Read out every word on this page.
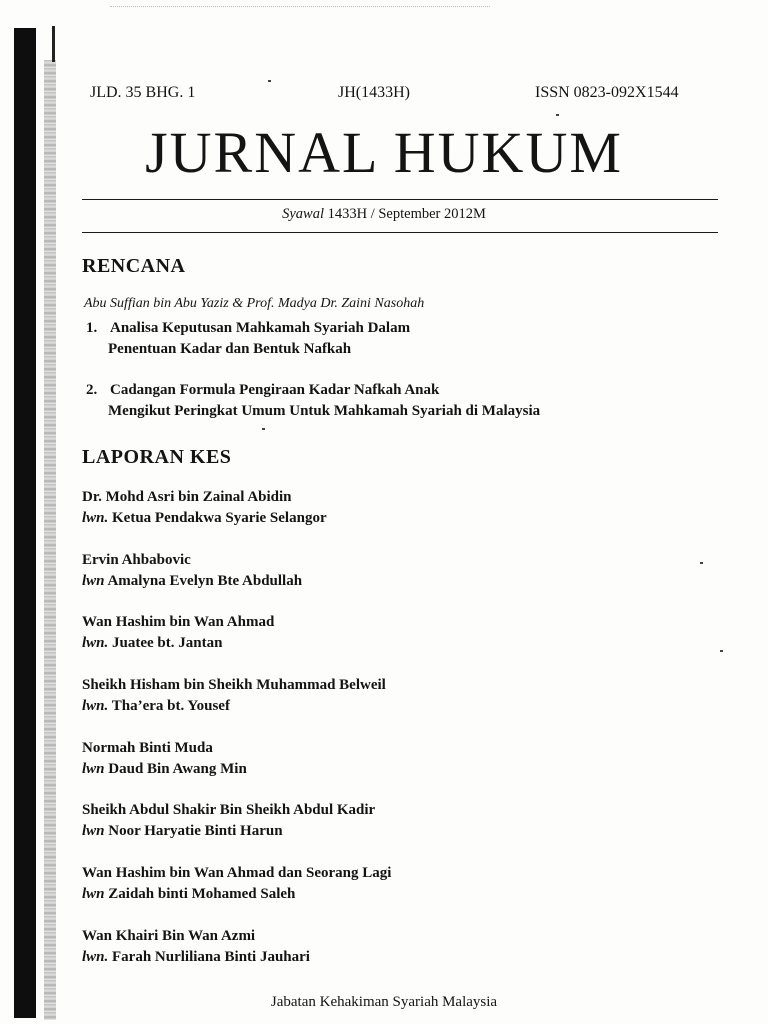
JLD. 35 BHG. 1	JH(1433H)	ISSN 0823-092X1544
JURNAL HUKUM
Syawal 1433H / September 2012M
RENCANA
Abu Suffian bin Abu Yaziz & Prof. Madya Dr. Zaini Nasohah
1. Analisa Keputusan Mahkamah Syariah Dalam
Penentuan Kadar dan Bentuk Nafkah
2. Cadangan Formula Pengiraan Kadar Nafkah Anak
Mengikut Peringkat Umum Untuk Mahkamah Syariah di Malaysia
LAPORAN KES
Dr. Mohd Asri bin Zainal Abidin
lwn. Ketua Pendakwa Syarie Selangor
Ervin Ahbabovic
lwn Amalyna Evelyn Bte Abdullah
Wan Hashim bin Wan Ahmad
lwn. Juatee bt. Jantan
Sheikh Hisham bin Sheikh Muhammad Belweil
lwn. Tha’era bt. Yousef
Normah Binti Muda
lwn Daud Bin Awang Min
Sheikh Abdul Shakir Bin Sheikh Abdul Kadir
lwn Noor Haryatie Binti Harun
Wan Hashim bin Wan Ahmad dan Seorang Lagi
lwn Zaidah binti Mohamed Saleh
Wan Khairi Bin Wan Azmi
lwn. Farah Nurliliana Binti Jauhari
Jabatan Kehakiman Syariah Malaysia
